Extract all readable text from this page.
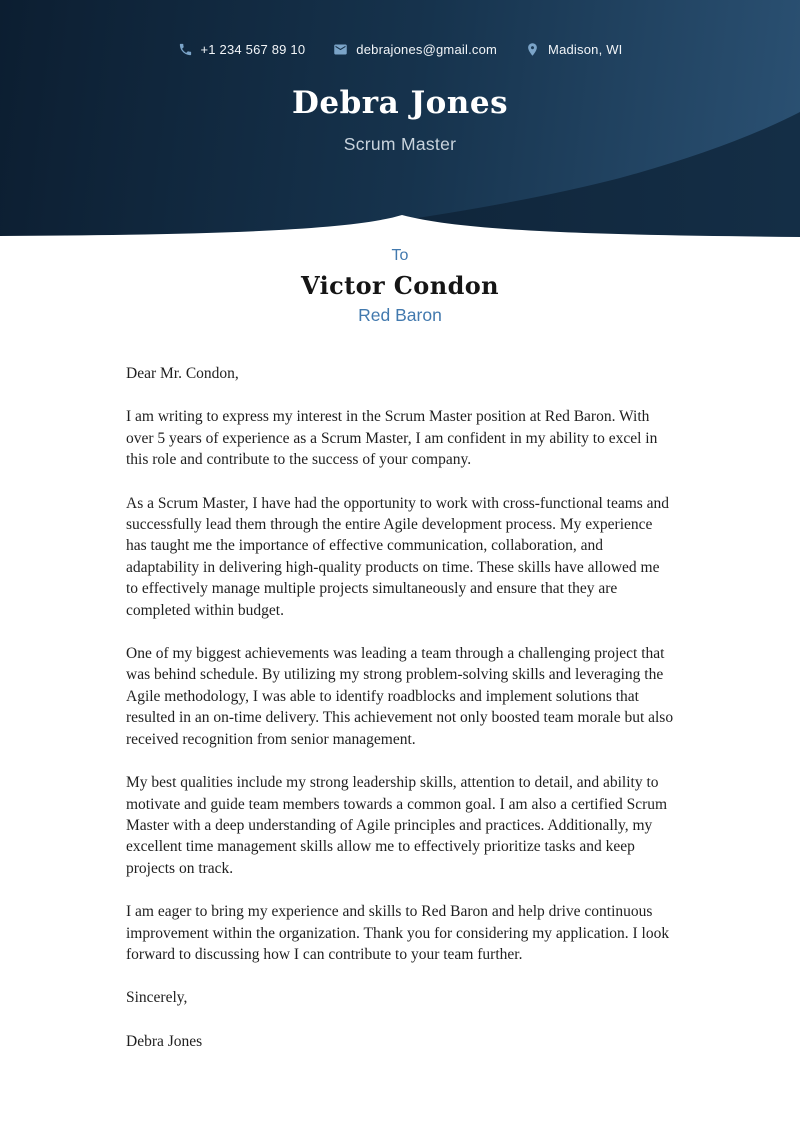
+1 234 567 89 10	debrajones@gmail.com	Madison, WI
Debra Jones
Scrum Master
To
Victor Condon
Red Baron

Dear Mr. Condon,

I am writing to express my interest in the Scrum Master position at Red Baron. With over 5 years of experience as a Scrum Master, I am confident in my ability to excel in this role and contribute to the success of your company.

As a Scrum Master, I have had the opportunity to work with cross-functional teams and successfully lead them through the entire Agile development process. My experience has taught me the importance of effective communication, collaboration, and adaptability in delivering high-quality products on time. These skills have allowed me to effectively manage multiple projects simultaneously and ensure that they are completed within budget.

One of my biggest achievements was leading a team through a challenging project that was behind schedule. By utilizing my strong problem-solving skills and leveraging the Agile methodology, I was able to identify roadblocks and implement solutions that resulted in an on-time delivery. This achievement not only boosted team morale but also received recognition from senior management.

My best qualities include my strong leadership skills, attention to detail, and ability to motivate and guide team members towards a common goal. I am also a certified Scrum Master with a deep understanding of Agile principles and practices. Additionally, my excellent time management skills allow me to effectively prioritize tasks and keep projects on track.

I am eager to bring my experience and skills to Red Baron and help drive continuous improvement within the organization. Thank you for considering my application. I look forward to discussing how I can contribute to your team further.

Sincerely,

Debra Jones
